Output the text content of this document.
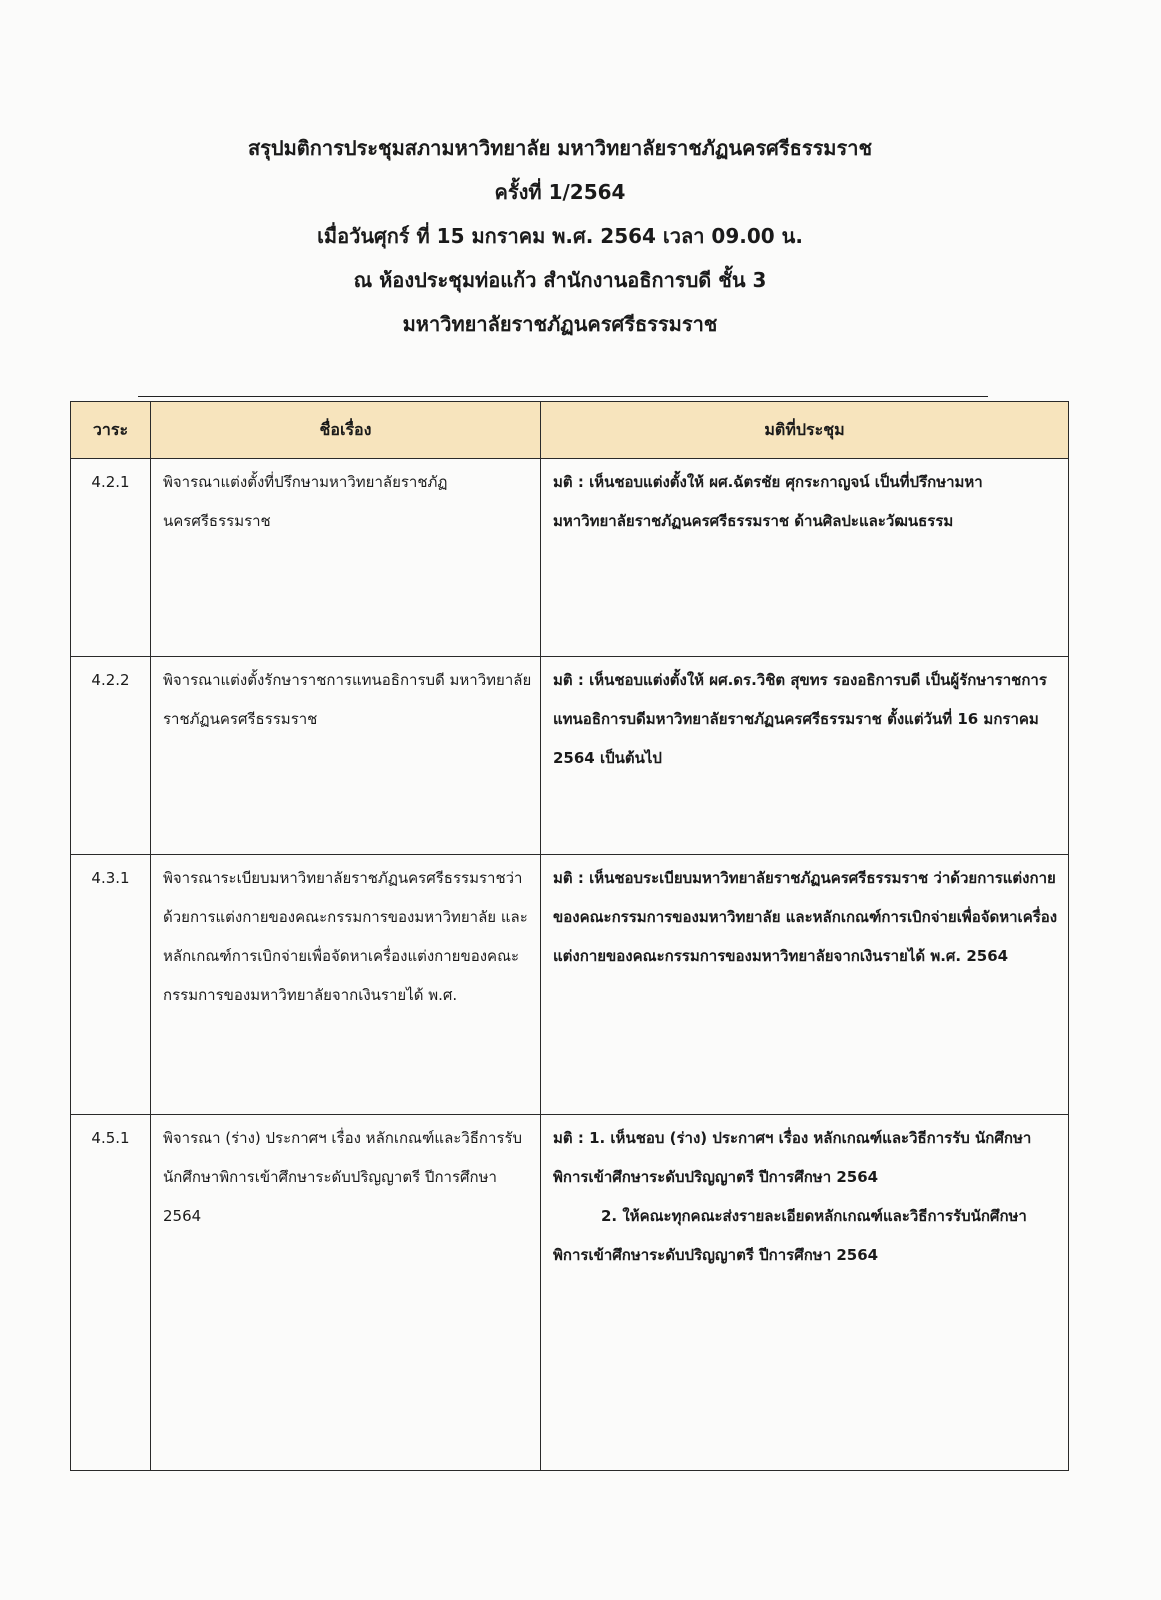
สรุปมติการประชุมสภามหาวิทยาลัย มหาวิทยาลัยราชภัฏนครศรีธรรมราช
ครั้งที่ 1/2564
เมื่อวันศุกร์ ที่ 15 มกราคม พ.ศ. 2564 เวลา 09.00 น.
ณ ห้องประชุมท่อแก้ว สำนักงานอธิการบดี ชั้น 3
มหาวิทยาลัยราชภัฏนครศรีธรรมราช
วาระ	ชื่อเรื่อง	มติที่ประชุม
4.2.1	พิจารณาแต่งตั้งที่ปรึกษามหาวิทยาลัยราชภัฏนครศรีธรรมราช	มติ : เห็นชอบแต่งตั้งให้ ผศ.ฉัตรชัย ศุกระกาญจน์ เป็นที่ปรึกษามหามหาวิทยาลัยราชภัฏนครศรีธรรมราช ด้านศิลปะและวัฒนธรรม
4.2.2	พิจารณาแต่งตั้งรักษาราชการแทนอธิการบดี มหาวิทยาลัยราชภัฏนครศรีธรรมราช	มติ : เห็นชอบแต่งตั้งให้ ผศ.ดร.วิชิต สุขทร รองอธิการบดี เป็นผู้รักษาราชการแทนอธิการบดีมหาวิทยาลัยราชภัฏนครศรีธรรมราช ตั้งแต่วันที่ 16 มกราคม 2564 เป็นต้นไป
4.3.1	พิจารณาระเบียบมหาวิทยาลัยราชภัฏนครศรีธรรมราชว่าด้วยการแต่งกายของคณะกรรมการของมหาวิทยาลัย และหลักเกณฑ์การเบิกจ่ายเพื่อจัดหาเครื่องแต่งกายของคณะกรรมการของมหาวิทยาลัยจากเงินรายได้ พ.ศ.	มติ : เห็นชอบระเบียบมหาวิทยาลัยราชภัฏนครศรีธรรมราช ว่าด้วยการแต่งกายของคณะกรรมการของมหาวิทยาลัย และหลักเกณฑ์การเบิกจ่ายเพื่อจัดหาเครื่องแต่งกายของคณะกรรมการของมหาวิทยาลัยจากเงินรายได้ พ.ศ. 2564
4.5.1	พิจารณา (ร่าง) ประกาศฯ เรื่อง หลักเกณฑ์และวิธีการรับ นักศึกษาพิการเข้าศึกษาระดับปริญญาตรี ปีการศึกษา 2564	มติ : 1. เห็นชอบ (ร่าง) ประกาศฯ เรื่อง หลักเกณฑ์และวิธีการรับ นักศึกษาพิการเข้าศึกษาระดับปริญญาตรี ปีการศึกษา 2564
2. ให้คณะทุกคณะส่งรายละเอียดหลักเกณฑ์และวิธีการรับนักศึกษาพิการเข้าศึกษาระดับปริญญาตรี ปีการศึกษา 2564
